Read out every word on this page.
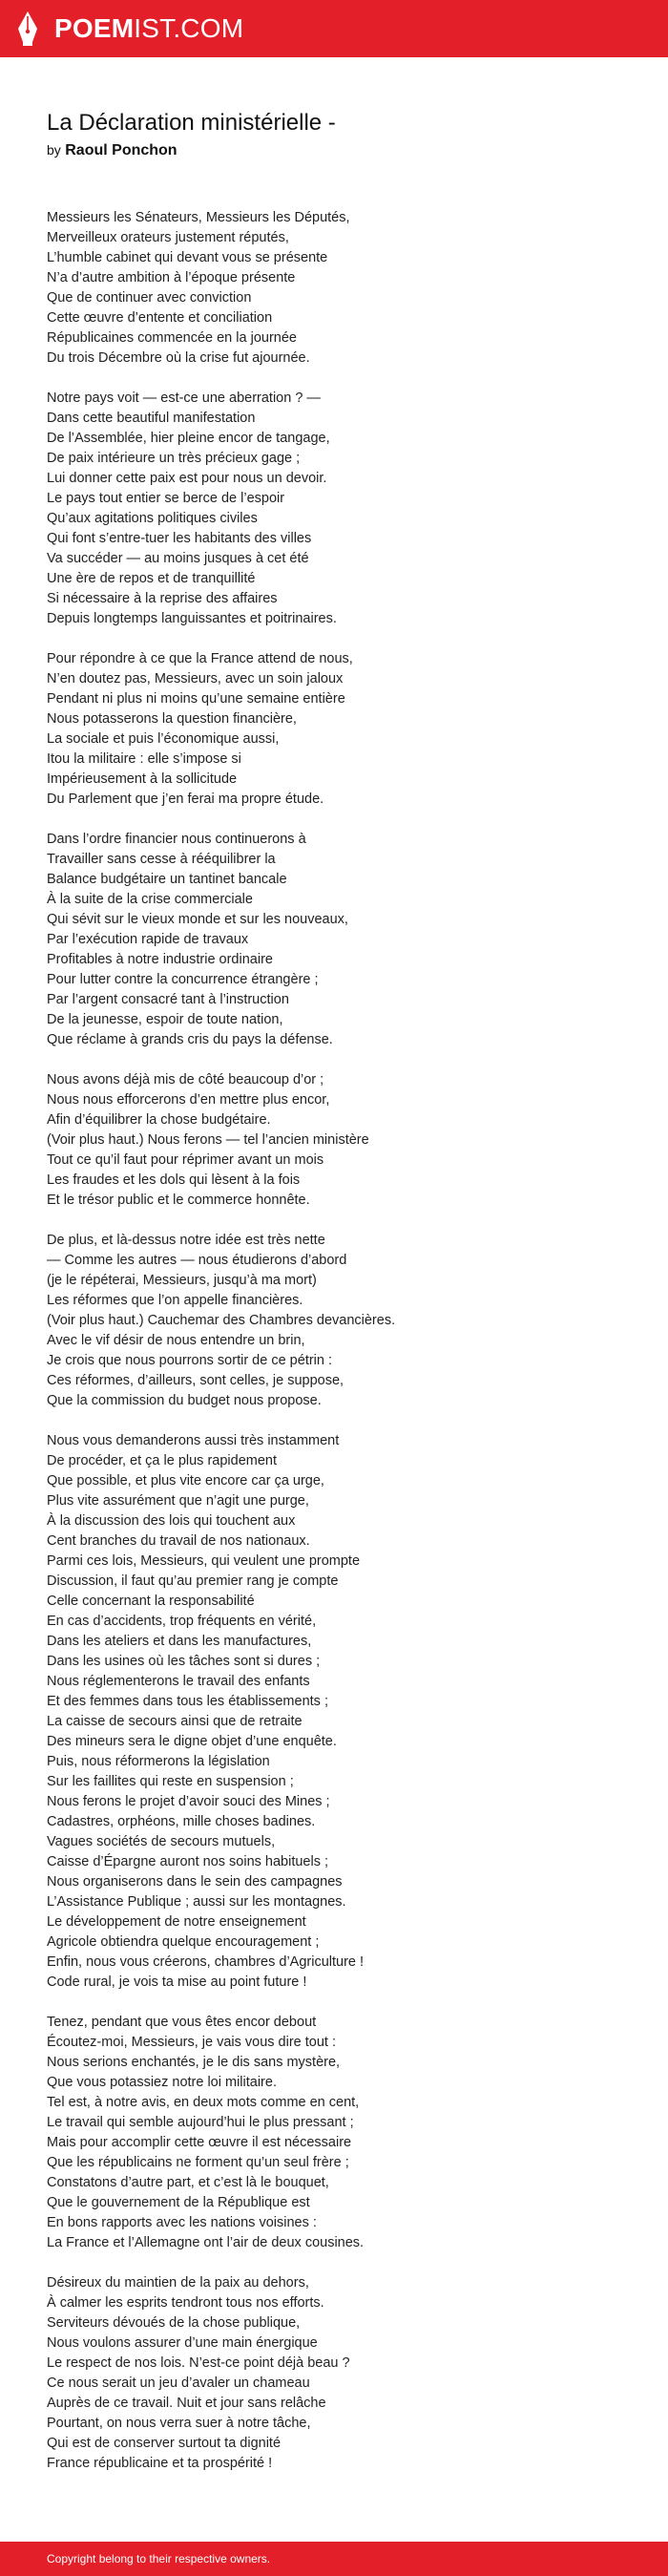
POEMIST.COM
La Déclaration ministérielle -
by Raoul Ponchon
Messieurs les Sénateurs, Messieurs les Députés,
Merveilleux orateurs justement réputés,
L’humble cabinet qui devant vous se présente
N’a d’autre ambition à l’époque présente
Que de continuer avec conviction
Cette œuvre d’entente et conciliation
Républicaines commencée en la journée
Du trois Décembre où la crise fut ajournée.
Notre pays voit — est-ce une aberration ? —
Dans cette beautiful manifestation
De l’Assemblée, hier pleine encor de tangage,
De paix intérieure un très précieux gage ;
Lui donner cette paix est pour nous un devoir.
Le pays tout entier se berce de l’espoir
Qu’aux agitations politiques civiles
Qui font s’entre-tuer les habitants des villes
Va succéder — au moins jusques à cet été
Une ère de repos et de tranquillité
Si nécessaire à la reprise des affaires
Depuis longtemps languissantes et poitrinaires.
Pour répondre à ce que la France attend de nous,
N’en doutez pas, Messieurs, avec un soin jaloux
Pendant ni plus ni moins qu’une semaine entière
Nous potasserons la question financière,
La sociale et puis l’économique aussi,
Itou la militaire : elle s’impose si
Impérieusement à la sollicitude
Du Parlement que j’en ferai ma propre étude.
Dans l’ordre financier nous continuerons à
Travailler sans cesse à rééquilibrer la
Balance budgétaire un tantinet bancale
À la suite de la crise commerciale
Qui sévit sur le vieux monde et sur les nouveaux,
Par l’exécution rapide de travaux
Profitables à notre industrie ordinaire
Pour lutter contre la concurrence étrangère ;
Par l’argent consacré tant à l’instruction
De la jeunesse, espoir de toute nation,
Que réclame à grands cris du pays la défense.
Nous avons déjà mis de côté beaucoup d’or ;
Nous nous efforcerons d’en mettre plus encor,
Afin d’équilibrer la chose budgétaire.
(Voir plus haut.) Nous ferons — tel l’ancien ministère
Tout ce qu’il faut pour réprimer avant un mois
Les fraudes et les dols qui lèsent à la fois
Et le trésor public et le commerce honnête.
De plus, et là-dessus notre idée est très nette
— Comme les autres — nous étudierons d’abord
(je le répéterai, Messieurs, jusqu’à ma mort)
Les réformes que l’on appelle financières.
(Voir plus haut.) Cauchemar des Chambres devancières.
Avec le vif désir de nous entendre un brin,
Je crois que nous pourrons sortir de ce pétrin :
Ces réformes, d’ailleurs, sont celles, je suppose,
Que la commission du budget nous propose.
Nous vous demanderons aussi très instamment
De procéder, et ça le plus rapidement
Que possible, et plus vite encore car ça urge,
Plus vite assurément que n’agit une purge,
À la discussion des lois qui touchent aux
Cent branches du travail de nos nationaux.
Parmi ces lois, Messieurs, qui veulent une prompte
Discussion, il faut qu’au premier rang je compte
Celle concernant la responsabilité
En cas d’accidents, trop fréquents en vérité,
Dans les ateliers et dans les manufactures,
Dans les usines où les tâches sont si dures ;
Nous réglementerons le travail des enfants
Et des femmes dans tous les établissements ;
La caisse de secours ainsi que de retraite
Des mineurs sera le digne objet d’une enquête.
Puis, nous réformerons la législation
Sur les faillites qui reste en suspension ;
Nous ferons le projet d’avoir souci des Mines ;
Cadastres, orphéons, mille choses badines.
Vagues sociétés de secours mutuels,
Caisse d’Épargne auront nos soins habituels ;
Nous organiserons dans le sein des campagnes
L’Assistance Publique ; aussi sur les montagnes.
Le développement de notre enseignement
Agricole obtiendra quelque encouragement ;
Enfin, nous vous créerons, chambres d’Agriculture !
Code rural, je vois ta mise au point future !
Tenez, pendant que vous êtes encor debout
Écoutez-moi, Messieurs, je vais vous dire tout :
Nous serions enchantés, je le dis sans mystère,
Que vous potassiez notre loi militaire.
Tel est, à notre avis, en deux mots comme en cent,
Le travail qui semble aujourd’hui le plus pressant ;
Mais pour accomplir cette œuvre il est nécessaire
Que les républicains ne forment qu’un seul frère ;
Constatons d’autre part, et c’est là le bouquet,
Que le gouvernement de la République est
En bons rapports avec les nations voisines :
La France et l’Allemagne ont l’air de deux cousines.
Désireux du maintien de la paix au dehors,
À calmer les esprits tendront tous nos efforts.
Serviteurs dévoués de la chose publique,
Nous voulons assurer d’une main énergique
Le respect de nos lois. N’est-ce point déjà beau ?
Ce nous serait un jeu d’avaler un chameau
Auprès de ce travail. Nuit et jour sans relâche
Pourtant, on nous verra suer à notre tâche,
Qui est de conserver surtout ta dignité
France républicaine et ta prospérité !
Copyright belong to their respective owners.
